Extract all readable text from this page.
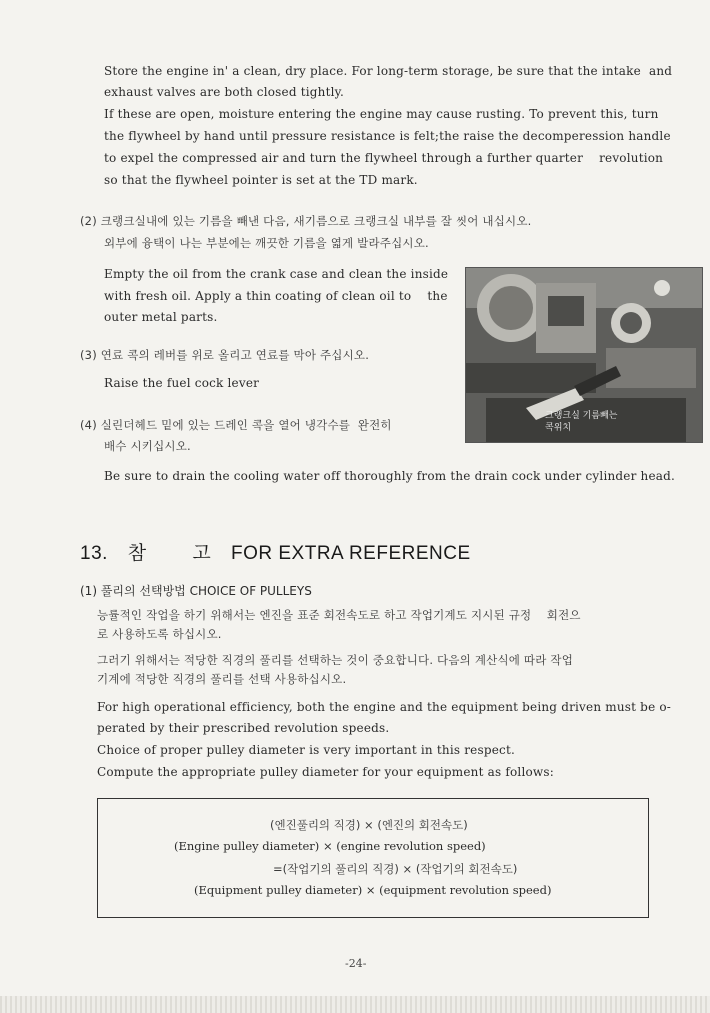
Store the engine in' a clean, dry place. For long-term storage, be sure that the intake  and

exhaust valves are both closed tightly.

If these are open, moisture entering the engine may cause rusting. To prevent this, turn

the flywheel by hand until pressure resistance is felt;the raise the decomperession handle

to expel the compressed air and turn the flywheel through a further quarter    revolution

so that the flywheel pointer is set at the TD mark.

(2) 크랭크실내에 있는 기름을 빼낸 다음, 새기름으로 크랭크실 내부를 잘 씻어 내십시오.

외부에 융택이 나는 부분에는 깨끗한 기름을 엷게 발라주십시오.

Empty the oil from the crank case and clean the inside

with fresh oil. Apply a thin coating of clean oil to    the

outer metal parts.

(3) 연료 콕의 레버를 위로 올리고 연료를 막아 주십시오.

Raise the fuel cock lever

(4) 실린더헤드 밑에 있는 드레인 콕을 열어 냉각수를  완전히

배수 시키십시오.

Be sure to drain the cooling water off thoroughly from the drain cock under cylinder head.

크랭크실 기름빼는
콕위치
13. 참 고 FOR EXTRA REFERENCE

(1) 풀리의 선택방법 CHOICE OF PULLEYS

능률적인 작업을 하기 위해서는 엔진을 표준 회전속도로 하고 작업기계도 지시된 규정    회전으

로 사용하도록 하십시오.

그러기 위해서는 적당한 직경의 풀리를 선택하는 것이 중요합니다. 다음의 계산식에 따라 작업

기계에 적당한 직경의 풀리를 선택 사용하십시오.

For high operational efficiency, both the engine and the equipment being driven must be o-

perated by their prescribed revolution speeds.

Choice of proper pulley diameter is very important in this respect.

Compute the appropriate pulley diameter for your equipment as follows:

(엔진풀리의 직경) × (엔진의 회전속도)

(Engine pulley diameter) × (engine revolution speed)

=(작업기의 풀리의 직경) × (작업기의 회전속도)

(Equipment pulley diameter) × (equipment revolution speed)

-24-
